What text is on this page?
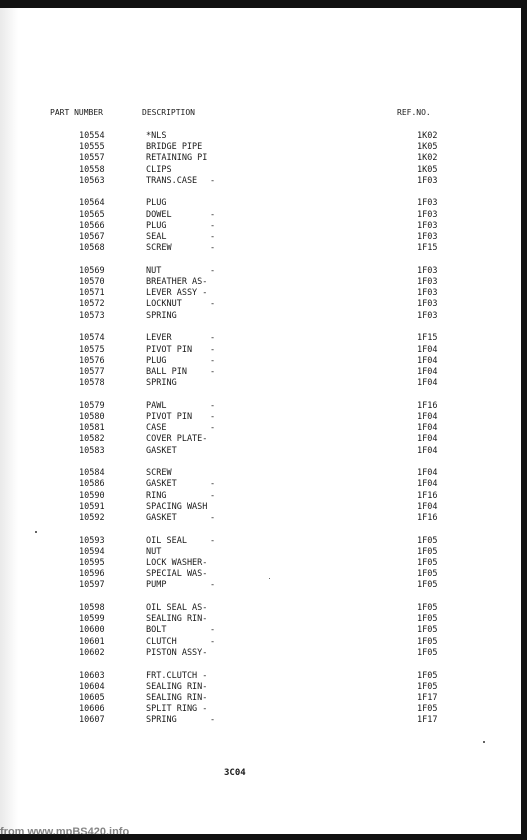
PART NUMBER	DESCRIPTION	REF.NO.
10554	*NLS	1K02
10555	BRIDGE PIPE	1K05
10557	RETAINING PI	1K02
10558	CLIPS	1K05
10563	TRANS.CASE -	1F03
10564	PLUG	1F03
10565	DOWEL	-	1F03
10566	PLUG	-	1F03
10567	SEAL	-	1F03
10568	SCREW	-	1F15
10569	NUT	-	1F03
10570	BREATHER AS-	1F03
10571	LEVER ASSY -	1F03
10572	LOCKNUT	-	1F03
10573	SPRING	1F03
10574	LEVER	-	1F15
10575	PIVOT PIN -	1F04
10576	PLUG	-	1F04
10577	BALL PIN	-	1F04
10578	SPRING	1F04
10579	PAWL	-	1F16
10580	PIVOT PIN -	1F04
10581	CASE	-	1F04
10582	COVER PLATE-	1F04
10583	GASKET	1F04
10584	SCREW	1F04
10586	GASKET	-	1F04
10590	RING	-	1F16
10591	SPACING WASH	1F04
10592	GASKET	-	1F16
10593	OIL SEAL	-	1F05
10594	NUT	1F05
10595	LOCK WASHER-	1F05
10596	SPECIAL WAS-	1F05
10597	PUMP	-	1F05
10598	OIL SEAL AS-	1F05
10599	SEALING RIN-	1F05
10600	BOLT	-	1F05
10601	CLUTCH	-	1F05
10602	PISTON ASSY-	1F05
10603	FRT.CLUTCH -	1F05
10604	SEALING RIN-	1F05
10605	SEALING RIN-	1F17
10606	SPLIT RING -	1F05
10607	SPRING	-	1F17
3C04
from www.mpBS420.info
